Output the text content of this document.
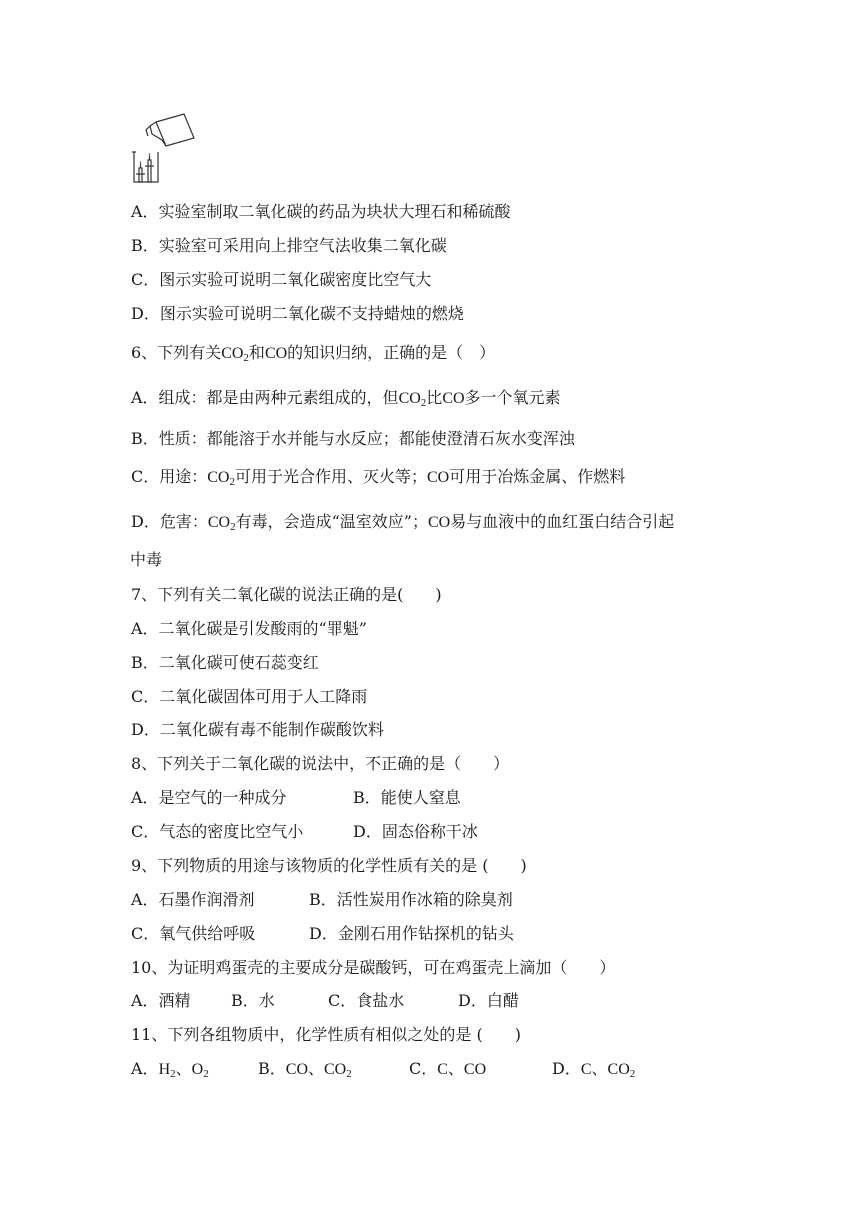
A．实验室制取二氧化碳的药品为块状大理石和稀硫酸
B．实验室可采用向上排空气法收集二氧化碳
C．图示实验可说明二氧化碳密度比空气大
D．图示实验可说明二氧化碳不支持蜡烛的燃烧
6、下列有关$CO_2$和CO的知识归纳，正确的是（　）
A．组成：都是由两种元素组成的，但$CO_2$比CO多一个氧元素
B．性质：都能溶于水并能与水反应；都能使澄清石灰水变浑浊
C．用途：$CO_2$可用于光合作用、灭火等；CO可用于冶炼金属、作燃料
D．危害：$CO_2$有毒，会造成“温室效应”；CO易与血液中的血红蛋白结合引起
中毒
7、下列有关二氧化碳的说法正确的是(　　)
A．二氧化碳是引发酸雨的“罪魁”
B．二氧化碳可使石蕊变红
C．二氧化碳固体可用于人工降雨
D．二氧化碳有毒不能制作碳酸饮料
8、下列关于二氧化碳的说法中，不正确的是（　　）
A．是空气的一种成分	B．能使人窒息
C．气态的密度比空气小	D．固态俗称干冰
9、下列物质的用途与该物质的化学性质有关的是 (　　)
A．石墨作润滑剂	B．活性炭用作冰箱的除臭剂
C．氧气供给呼吸	D．金刚石用作钻探机的钻头
10、为证明鸡蛋壳的主要成分是碳酸钙，可在鸡蛋壳上滴加（　　）
A．酒精	B．水	C．食盐水	D．白醋
11、下列各组物质中，化学性质有相似之处的是 (　　)
A．$H_2$、$O_2$	B．CO、$CO_2$	C．C、CO	D．C、$CO_2$
